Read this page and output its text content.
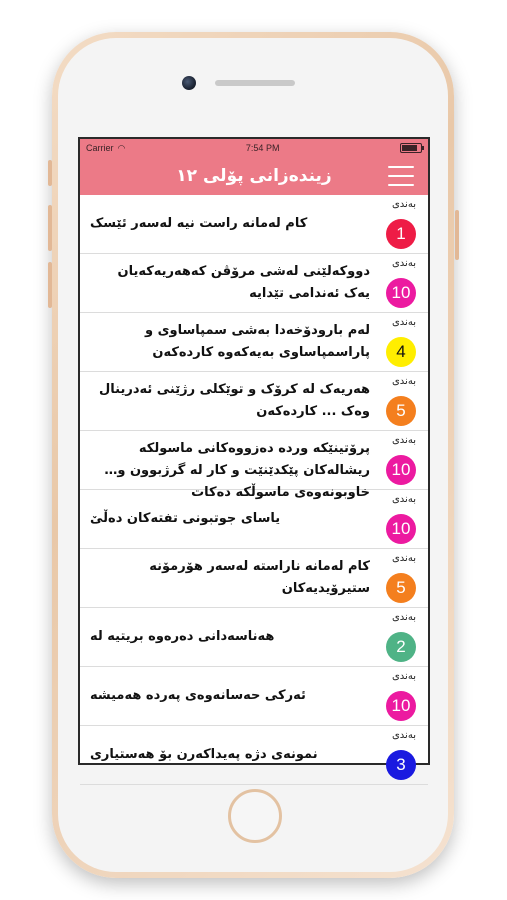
Carrier ◠	7:54 PM
زیندەزانی پۆلی ١٢
بەندی
1
کام لەمانە راست نیە لەسەر ئێسک
بەندی
10
دووکەلێنی لەشی مرۆڤن کەهەریەکەیان یەک ئەندامی تێدایە
بەندی
4
لەم بارودۆخەدا بەشی سمپاساوی و پاراسمپاساوی بەیەکەوە کاردەکەن
بەندی
5
هەریەک لە کرۆک و توێکلی رژێنی ئەدرینال وەک ... کاردەکەن
بەندی
10
پرۆتینێکە وردە دەزووەکانی ماسولکە ریشالەکان پێکدێنێت و کار لە گرژبوون و خاوبونەوەی ماسوڵکە دەکات بەندی
10
یاسای جوتبونی تفتەکان دەڵێ
بەندی
5
کام لەمانە ناراستە لەسەر هۆرمۆنە ستیرۆیدیەکان
بەندی
2
هەناسەدانی دەرەوە بریتیە لە
بەندی
10
ئەرکی حەسانەوەی پەردە هەمیشە
بەندی
3
نمونەی دژە پەیداکەرن بۆ هەستیاری
